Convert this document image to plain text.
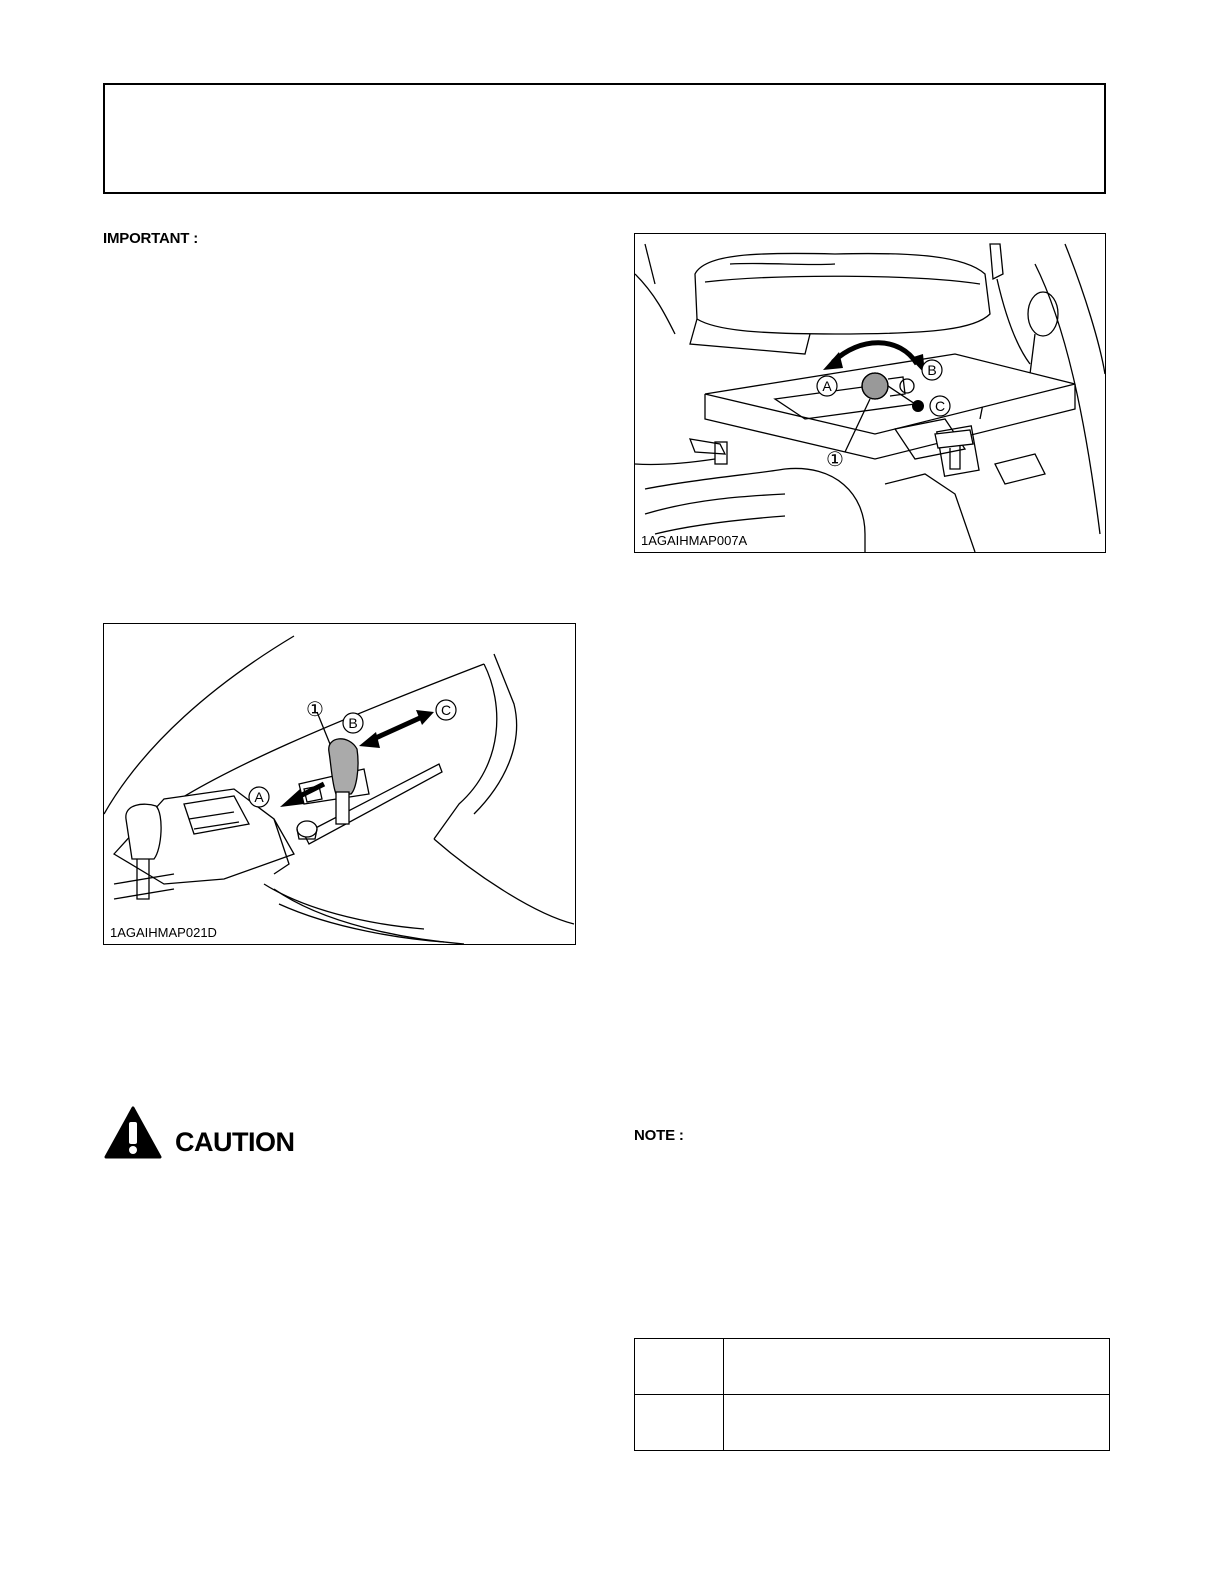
IMPORTANT :
A
B
C
①
1AGAIHMAP007A
①
B
C
A
1AGAIHMAP021D
CAUTION	NOTE :
